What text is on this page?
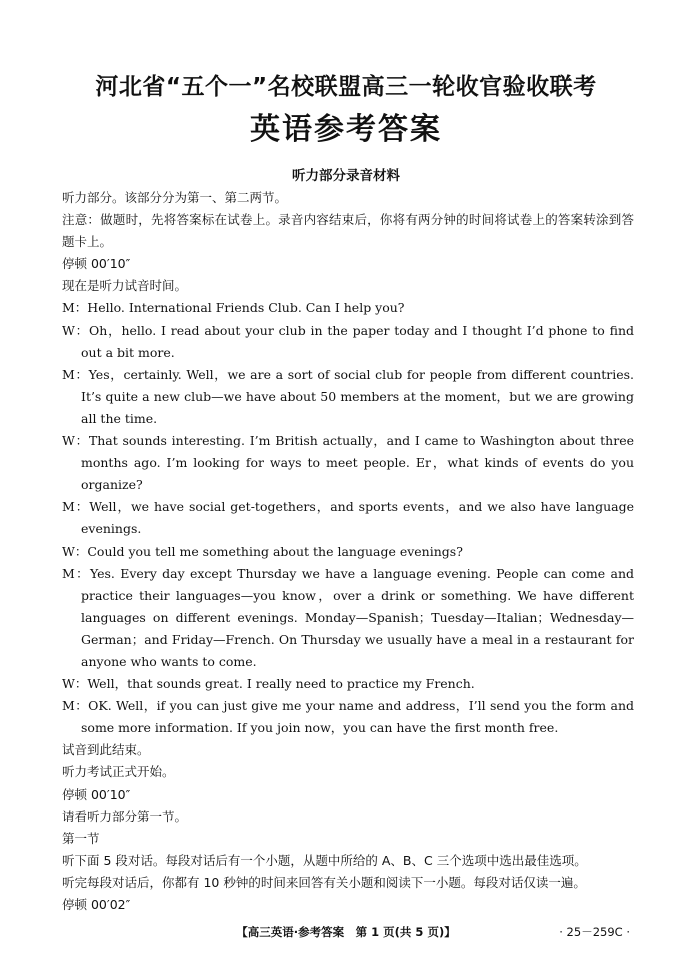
河北省“五个一”名校联盟高三一轮收官验收联考
英语参考答案
听力部分录音材料
听力部分。该部分分为第一、第二两节。
注意：做题时，先将答案标在试卷上。录音内容结束后，你将有两分钟的时间将试卷上的答案转涂到答题卡上。
停顿 00′10″
现在是听力试音时间。
M：Hello. International Friends Club. Can I help you?
W：Oh，hello. I read about your club in the paper today and I thought I’d phone to find out a bit more.
M：Yes，certainly. Well，we are a sort of social club for people from different countries. It’s quite a new club—we have about 50 members at the moment，but we are growing all the time.
W：That sounds interesting. I’m British actually，and I came to Washington about three months ago. I’m looking for ways to meet people. Er，what kinds of events do you organize?
M：Well，we have social get-togethers，and sports events，and we also have language evenings.
W：Could you tell me something about the language evenings?
M：Yes. Every day except Thursday we have a language evening. People can come and practice their languages—you know，over a drink or something. We have different languages on different evenings. Monday—Spanish；Tuesday—Italian；Wednesday—German；and Friday—French. On Thursday we usually have a meal in a restaurant for anyone who wants to come.
W：Well，that sounds great. I really need to practice my French.
M：OK. Well，if you can just give me your name and address，I’ll send you the form and some more information. If you join now，you can have the first month free.
试音到此结束。
听力考试正式开始。
停顿 00′10″
请看听力部分第一节。
第一节
听下面 5 段对话。每段对话后有一个小题，从题中所给的 A、B、C 三个选项中选出最佳选项。
听完每段对话后，你都有 10 秒钟的时间来回答有关小题和阅读下一小题。每段对话仅读一遍。
停顿 00′02″
【高三英语·参考答案　第 1 页(共 5 页)】	· 25－259C ·
